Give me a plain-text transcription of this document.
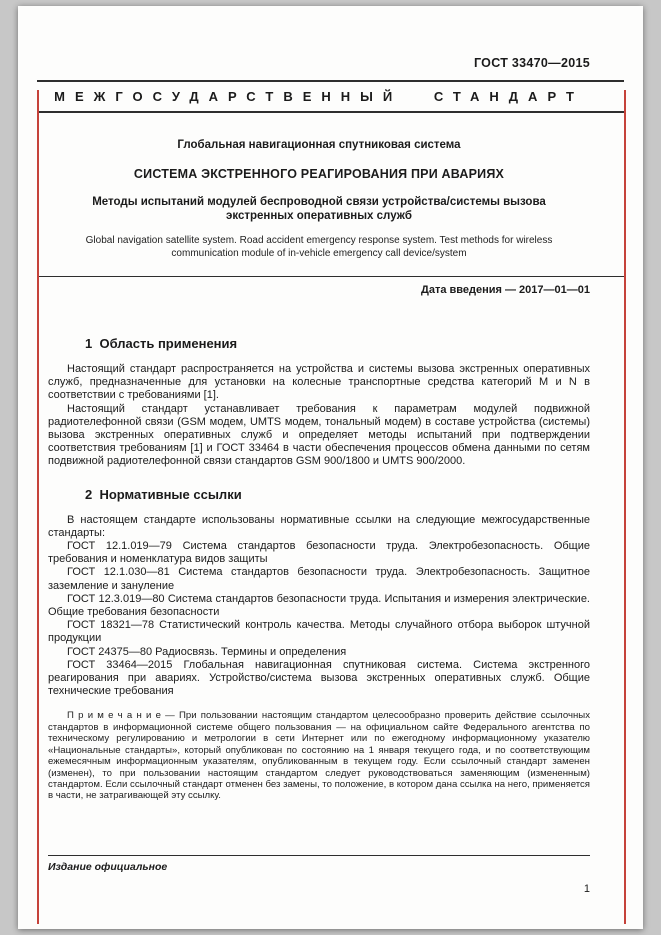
ГОСТ 33470—2015
МЕЖГОСУДАРСТВЕННЫЙ СТАНДАРТ
Глобальная навигационная спутниковая система
СИСТЕМА ЭКСТРЕННОГО РЕАГИРОВАНИЯ ПРИ АВАРИЯХ
Методы испытаний модулей беспроводной связи устройства/системы вызова экстренных оперативных служб
Global navigation satellite system. Road accident emergency response system. Test methods for wireless communication module of in-vehicle emergency call device/system
Дата введения — 2017—01—01
1  Область применения

Настоящий стандарт распространяется на устройства и системы вызова экстренных оперативных служб, предназначенные для установки на колесные транспортные средства категорий M и N в соответствии с требованиями [1].

Настоящий стандарт устанавливает требования к параметрам модулей подвижной радиотелефонной связи (GSM модем, UMTS модем, тональный модем) в составе устройства (системы) вызова экстренных оперативных служб и определяет методы испытаний при подтверждении соответствия требованиям [1] и ГОСТ 33464 в части обеспечения процессов обмена данными по сетям подвижной радиотелефонной связи стандартов GSM 900/1800 и UMTS 900/2000.

2  Нормативные ссылки

В настоящем стандарте использованы нормативные ссылки на следующие межгосударственные стандарты:

ГОСТ 12.1.019—79 Система стандартов безопасности труда. Электробезопасность. Общие требования и номенклатура видов защиты

ГОСТ 12.1.030—81 Система стандартов безопасности труда. Электробезопасность. Защитное заземление и зануление

ГОСТ 12.3.019—80 Система стандартов безопасности труда. Испытания и измерения электрические. Общие требования безопасности

ГОСТ 18321—78 Статистический контроль качества. Методы случайного отбора выборок штучной продукции

ГОСТ 24375—80 Радиосвязь. Термины и определения

ГОСТ 33464—2015 Глобальная навигационная спутниковая система. Система экстренного реагирования при авариях. Устройство/система вызова экстренных оперативных служб. Общие технические требования

П р и м е ч а н и е — При пользовании настоящим стандартом целесообразно проверить действие ссылочных стандартов в информационной системе общего пользования — на официальном сайте Федерального агентства по техническому регулированию и метрологии в сети Интернет или по ежегодному информационному указателю «Национальные стандарты», который опубликован по состоянию на 1 января текущего года, и по соответствующим ежемесячным информационным указателям, опубликованным в текущем году. Если ссылочный стандарт заменен (изменен), то при пользовании настоящим стандартом следует руководствоваться заменяющим (измененным) стандартом. Если ссылочный стандарт отменен без замены, то положение, в котором дана ссылка на него, применяется в части, не затрагивающей эту ссылку.

Издание официальное
1
